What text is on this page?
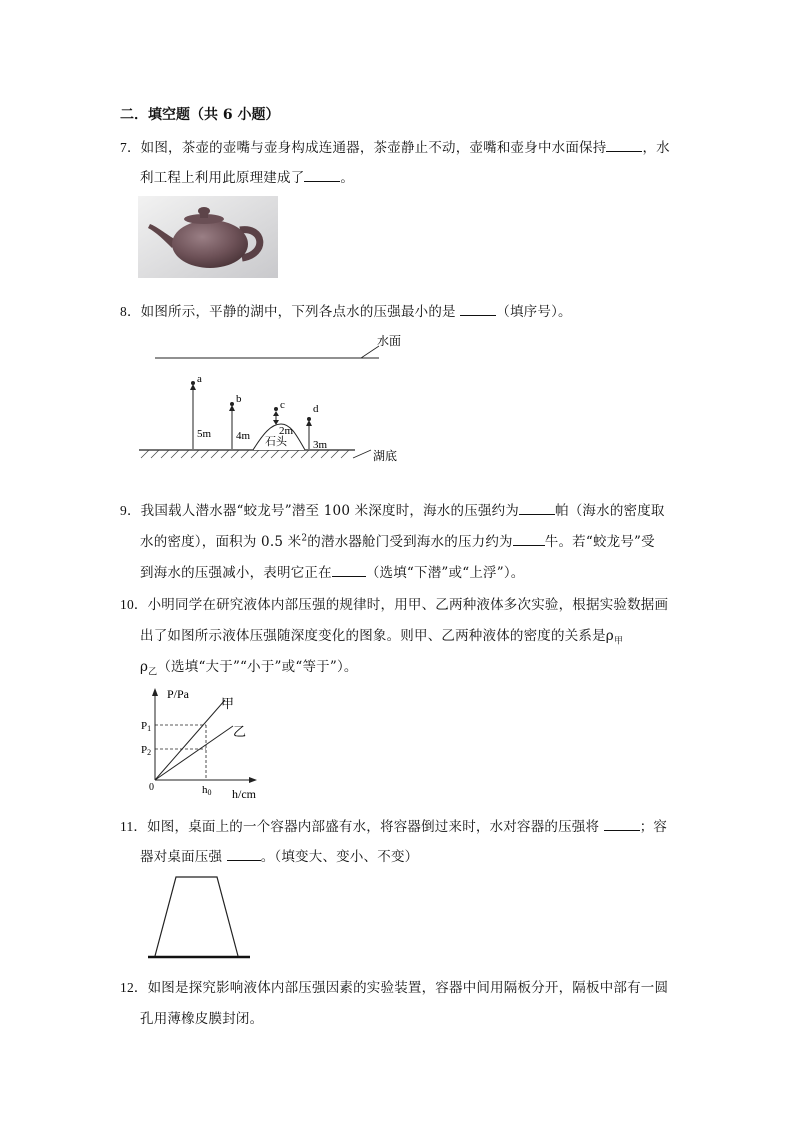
二．填空题（共 6 小题）
7．如图，茶壶的壶嘴与壶身构成连通器，茶壶静止不动，壶嘴和壶身中水面保持	，水
利工程上利用此原理建成了	。
8．如图所示，平静的湖中，下列各点水的压强最小的是	（填序号）。
水面
湖底
石头
a
5m
b
4m
c
2m
d
3m
9．我国载人潜水器“蛟龙号”潜至 100 米深度时，海水的压强约为	帕（海水的密度取
水的密度），面积为 0.5 米$^2$的潜水器舱门受到海水的压力约为 牛。若“蛟龙号”受
到海水的压强减小，表明它正在	（选填“下潜”或“上浮”）。
10．小明同学在研究液体内部压强的规律时，用甲、乙两种液体多次实验，根据实验数据画
出了如图所示液体压强随深度变化的图象。则甲、乙两种液体的密度的关系是$\rho_甲$
$\rho_乙$（选填“大于”“小于”或“等于”）。
P/Pa
h/cm
0
甲
乙
P1
P2
h0
11．如图，桌面上的一个容器内部盛有水，将容器倒过来时，水对容器的压强将	；容
器对桌面压强	。（填变大、变小、不变）
12．如图是探究影响液体内部压强因素的实验装置，容器中间用隔板分开，隔板中部有一圆
孔用薄橡皮膜封闭。
